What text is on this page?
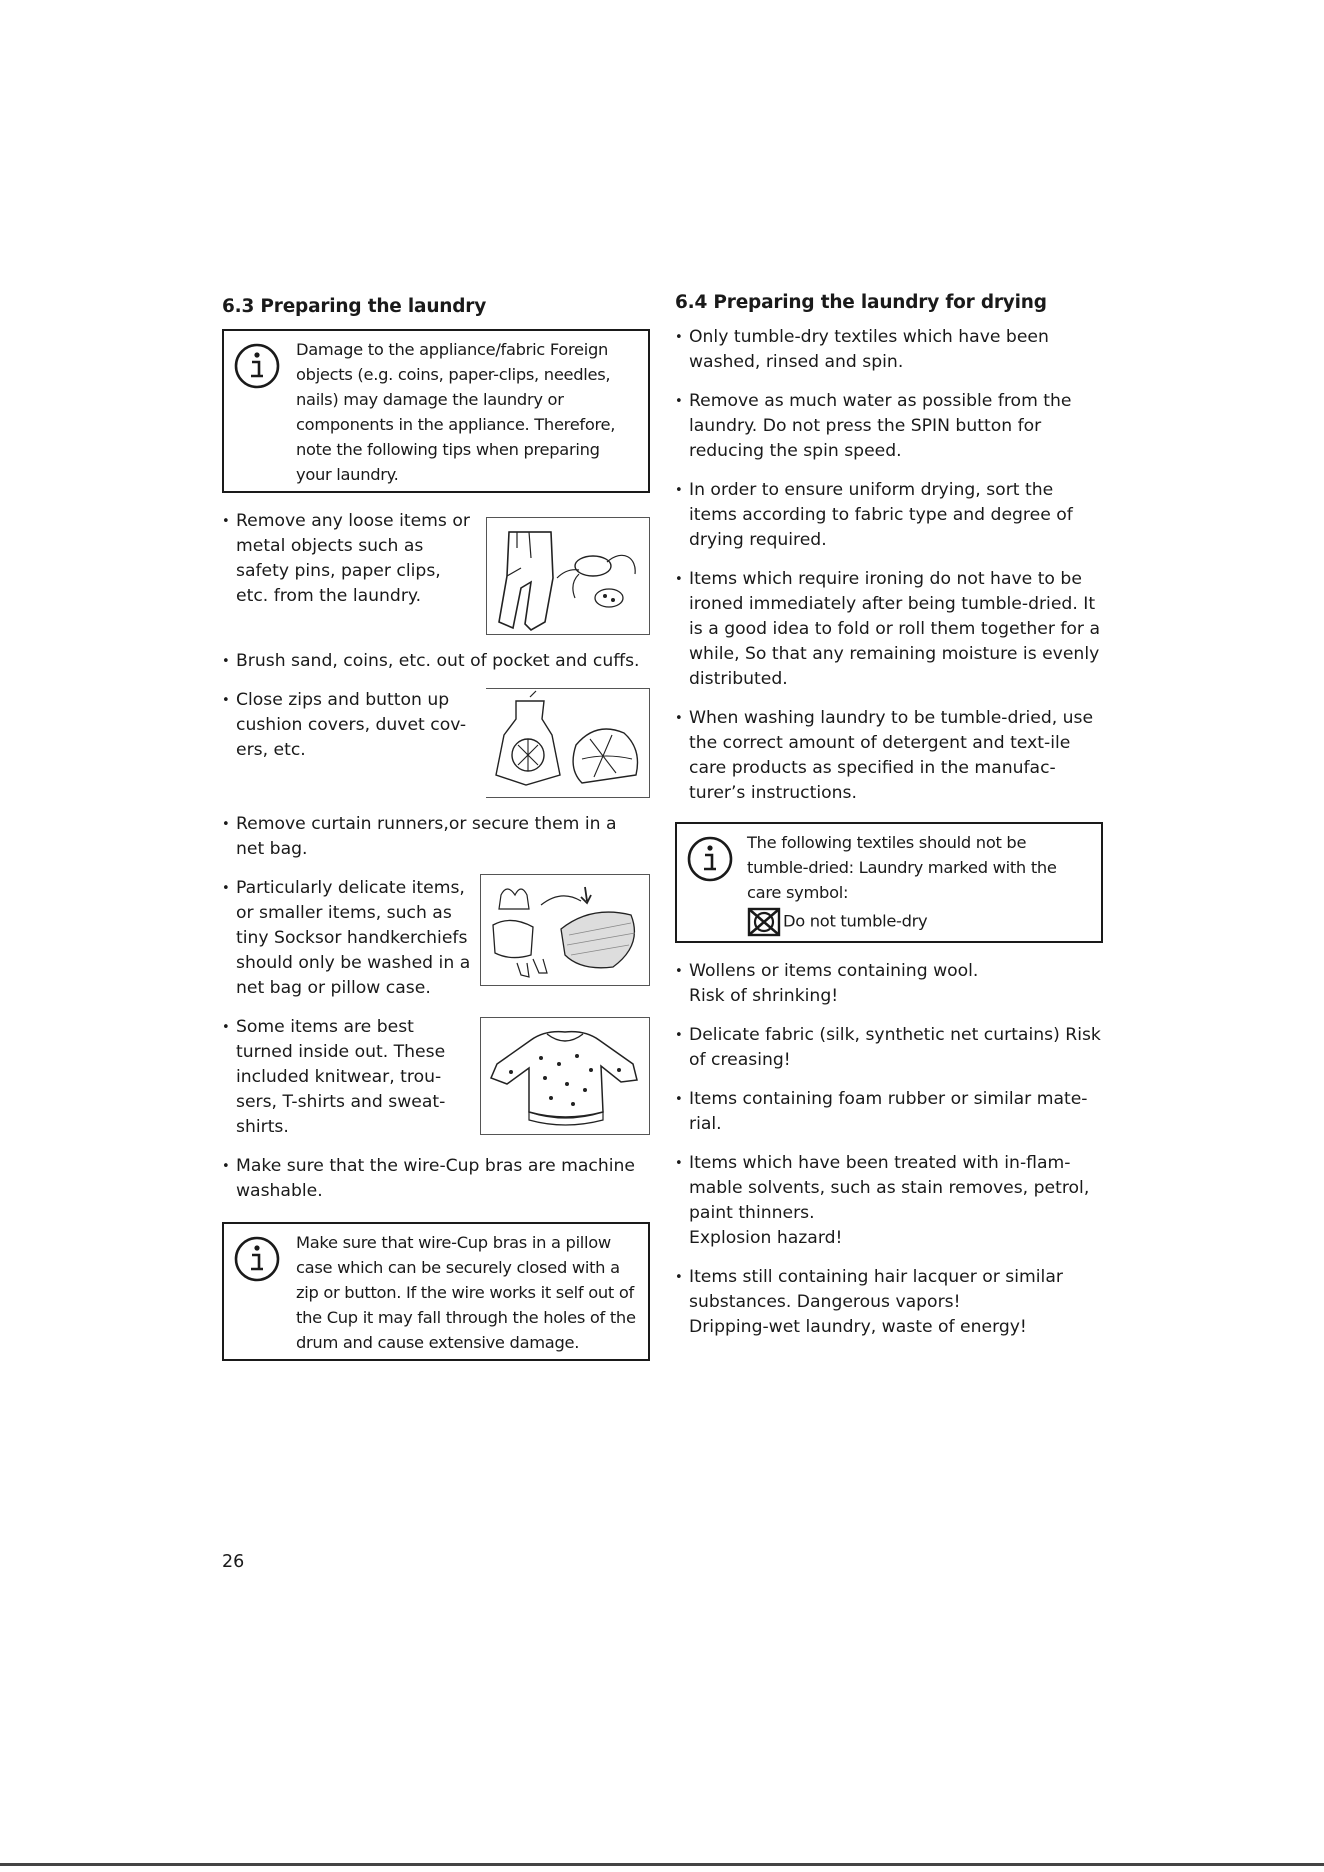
6.3 Preparing the laundry
Damage to the appliance/fabric Foreign objects (e.g. coins, paper-clips, needles, nails) may damage the laundry or components in the appliance. Therefore, note the following tips when preparing your laundry.
• Remove any loose items or metal objects such as safety pins, paper clips, etc. from the laundry.
• Brush sand, coins, etc. out of pocket and cuffs.
• Close zips and button up cushion covers, duvet cov-ers, etc.
• Remove curtain runners,or secure them in a net bag.
• Particularly delicate items, or smaller items, such as tiny Socksor handkerchiefs should only be washed in a net bag or pillow case.
• Some items are best turned inside out. These included knitwear, trou-sers, T-shirts and sweat-shirts.
• Make sure that the wire-Cup bras are machine washable.
Make sure that wire-Cup bras in a pillow case which can be securely closed with a zip or button. If the wire works it self out of the Cup it may fall through the holes of the drum and cause extensive damage.
6.4 Preparing the laundry for drying
• Only tumble-dry textiles which have been washed, rinsed and spin.
• Remove as much water as possible from the laundry. Do not press the SPIN button for reducing the spin speed.
• In order to ensure uniform drying, sort the items according to fabric type and degree of drying required.
• Items which require ironing do not have to be ironed immediately after being tumble-dried. It is a good idea to fold or roll them together for a while, So that any remaining moisture is evenly distributed.
• When washing laundry to be tumble-dried, use the correct amount of detergent and text-ile care products as specified in the manufac-turer’s instructions.
The following textiles should not be tumble-dried: Laundry marked with the care symbol:
Do not tumble-dry
• Wollens or items containing wool.
Risk of shrinking!
• Delicate fabric (silk, synthetic net curtains) Risk of creasing!
• Items containing foam rubber or similar mate-rial.
• Items which have been treated with in-flam-mable solvents, such as stain removes, petrol, paint thinners.
Explosion hazard!
• Items still containing hair lacquer or similar substances. Dangerous vapors!
Dripping-wet laundry, waste of energy!
26
